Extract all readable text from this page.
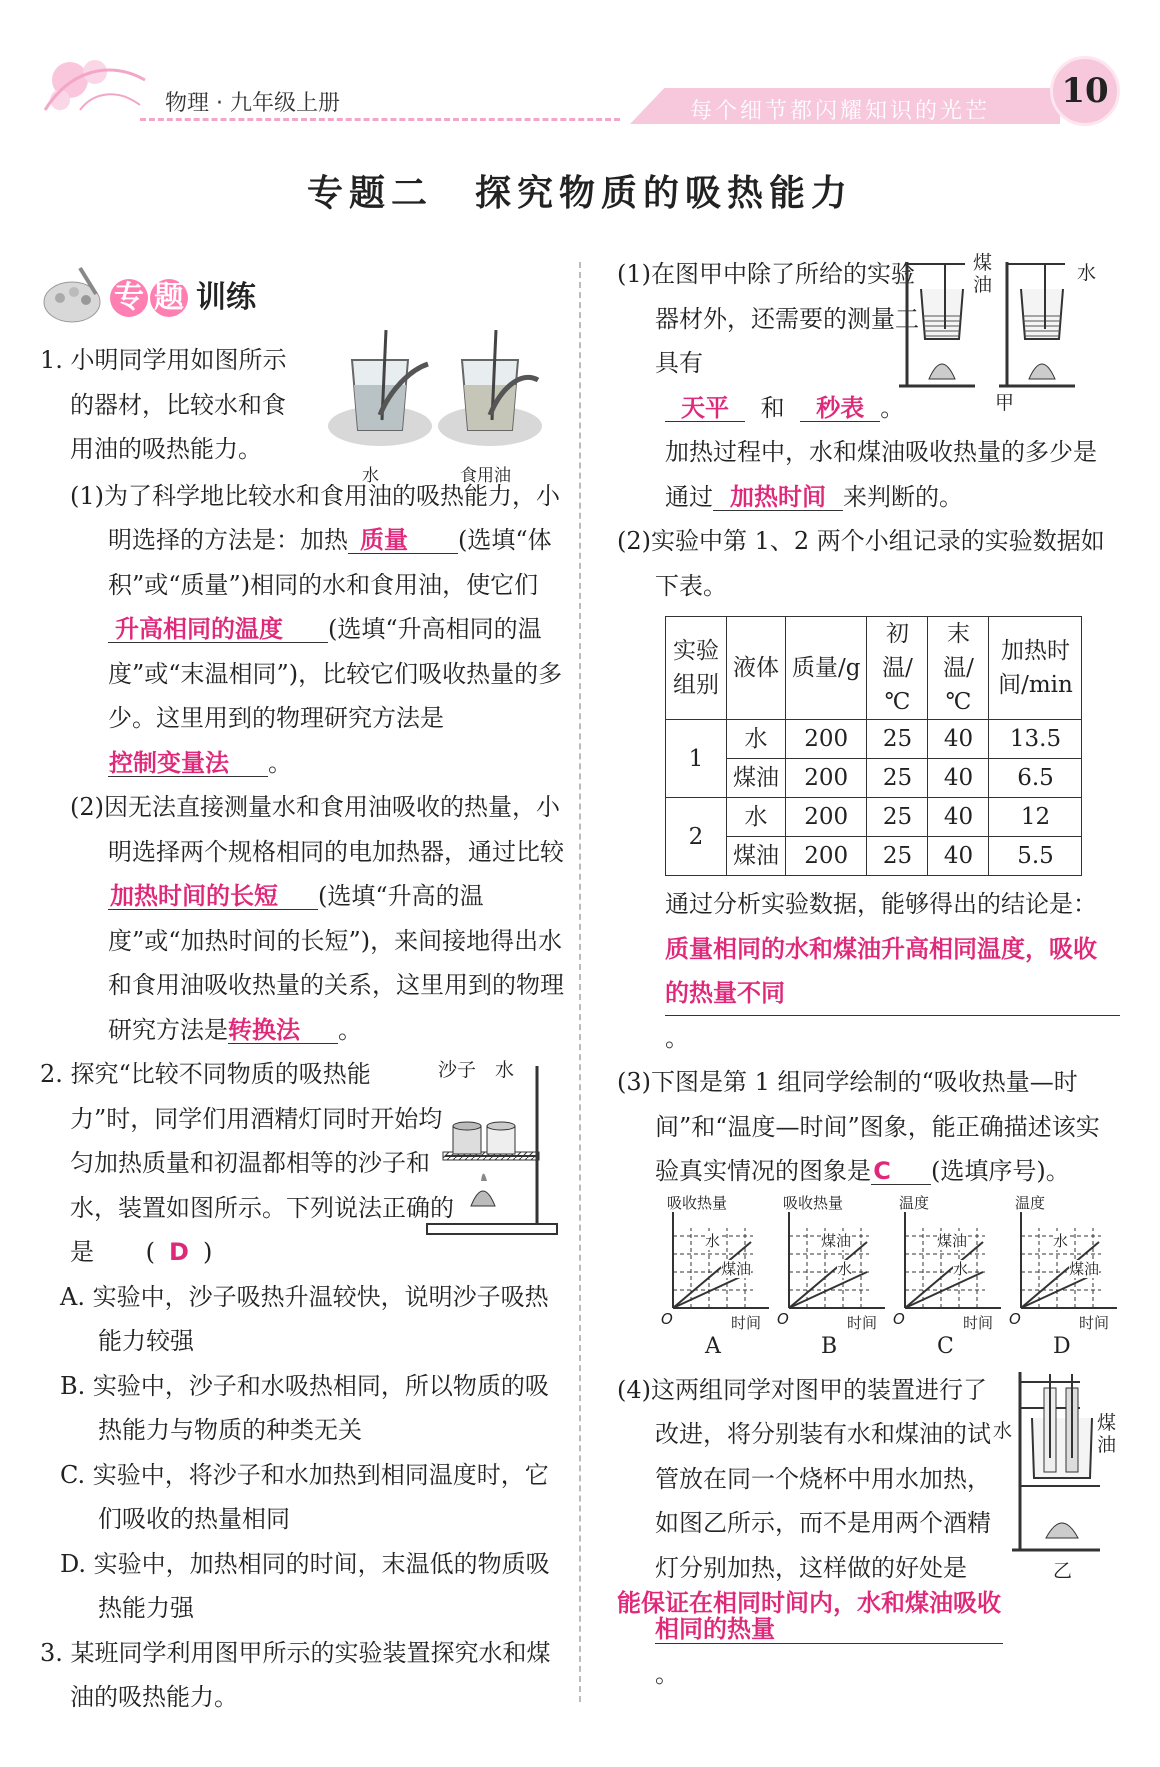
物理 · 九年级上册	每个细节都闪耀知识的光芒
10
专题二　探究物质的吸热能力
专 题 训练

1. 小明同学用如图所示

的器材，比较水和食

用油的吸热能力。

水	食用油
(1)为了科学地比较水和食用油的吸热能力，小明选择的方法是：加热 质量 (选填“体积”或“质量”)相同的水和食用油，使它们升高相同的温度 (选填“升高相同的温度”或“末温相同”)，比较它们吸收热量的多少。这里用到的物理研究方法是控制变量法 。
(2)因无法直接测量水和食用油吸收的热量，小明选择两个规格相同的电加热器，通过比较加热时间的长短 (选填“升高的温度”或“加热时间的长短”)，来间接地得出水和食用油吸收热量的关系，这里用到的物理研究方法是转换法 。
2. 探究“比较不同物质的吸热能力”时，同学们用酒精灯同时开始均匀加热质量和初温都相等的沙子和水，装置如图所示。下列说法正确的是 ( D )
沙子 水
A. 实验中，沙子吸热升温较快，说明沙子吸热能力较强
B. 实验中，沙子和水吸热相同，所以物质的吸热能力与物质的种类无关
C. 实验中，将沙子和水加热到相同温度时，它们吸收的热量相同
D. 实验中，加热相同的时间，末温低的物质吸热能力强
3. 某班同学利用图甲所示的实验装置探究水和煤油的吸热能力。
(1)在图甲中除了所给的实验器材外，还需要的测量工具有
煤油
水
甲
天平 和 秒表 。
加热过程中，水和煤油吸收热量的多少是通过 加热时间 来判断的。
(2)实验中第 1、2 两个小组记录的实验数据如下表。
实验组别	液体	质量/g	初温/℃	末温/℃	加热时间/min
1	水	200	25	40	13.5
	煤油	200	25	40	6.5
2	水	200	25	40	12
	煤油	200	25	40	5.5
通过分析实验数据，能够得出的结论是：
质量相同的水和煤油升高相同温度，吸收的热量不同。
(3)下图是第 1 组同学绘制的“吸收热量—时间”和“温度—时间”图象，能正确描述该实验真实情况的图象是C (选填序号)。
吸收热量
水
煤油
O	时间
A
吸收热量
煤油
水
O	时间
B
温度
煤油
水
O	时间
C
温度
水
煤油
O	时间
D
(4)这两组同学对图甲的装置进行了改进，将分别装有水和煤油的试管放在同一个烧杯中用水加热，如图乙所示，而不是用两个酒精灯分别加热，这样做的好处是能保证在相同时间内，水和煤油吸收相同的热量。
水	煤油
乙
